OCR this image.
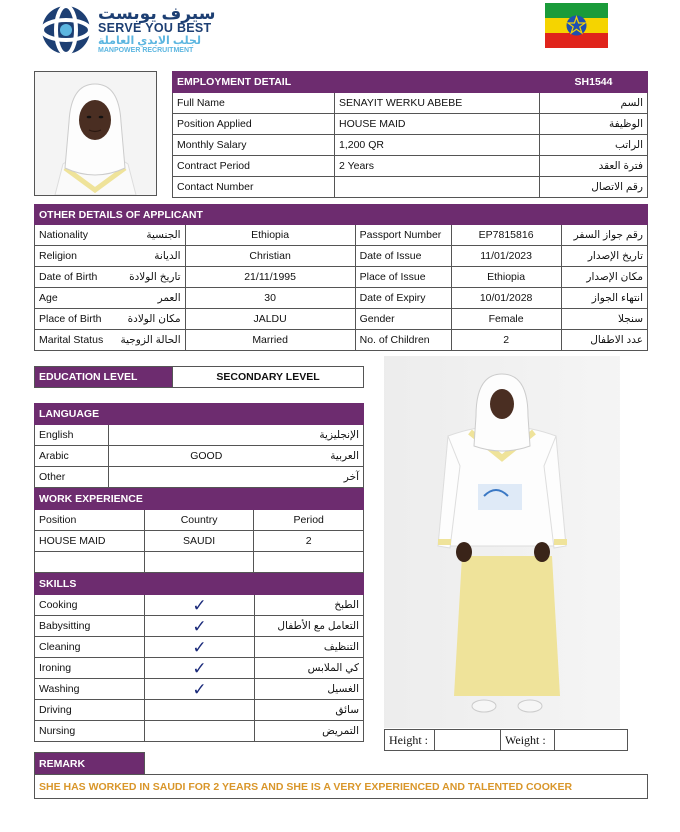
سيرف يوبست
SERVE YOU BEST
لجلب الايدي العاملة
MANPOWER RECRUITMENT
EMPLOYMENT DETAIL		SH1544
Full Name	SENAYIT WERKU ABEBE	السم
Position Applied	HOUSE MAID	الوظيفة
Monthly Salary	1,200 QR	الراتب
Contract Period	2 Years	فترة العقد
Contact Number		رقم الاتصال
OTHER DETAILS OF APPLICANT					
Nationality	الجنسية	Ethiopia	Passport Number	EP7815816	رقم جواز السفر
Religion	الديانة	Christian	Date of Issue	11/01/2023	تاريخ الإصدار
Date of Birth	تاريخ الولادة	21/11/1995	Place of Issue	Ethiopia	مكان الإصدار
Age	العمر	30	Date of Expiry	10/01/2028	انتهاء الجواز
Place of Birth	مكان الولادة	JALDU	Gender	Female	سنجلا
Marital Status	الحالة الزوجية	Married	No. of Children	2	عدد الاطفال
EDUCATION LEVEL	SECONDARY LEVEL
LANGUAGE		
English		الإنجليزية
Arabic	GOOD	العربية
Other		آخر
WORK EXPERIENCE		
Position	Country	Period
HOUSE MAID	SAUDI	2

SKILLS		
Cooking	✓	الطبخ
Babysitting	✓	التعامل مع الأطفال
Cleaning	✓	التنظيف
Ironing	✓	كي الملابس
Washing	✓	الغسيل
Driving		سائق
Nursing		التمريض
Height :		Weight :	
REMARK	
SHE HAS WORKED IN SAUDI FOR 2 YEARS AND SHE IS A VERY EXPERIENCED AND TALENTED COOKER
